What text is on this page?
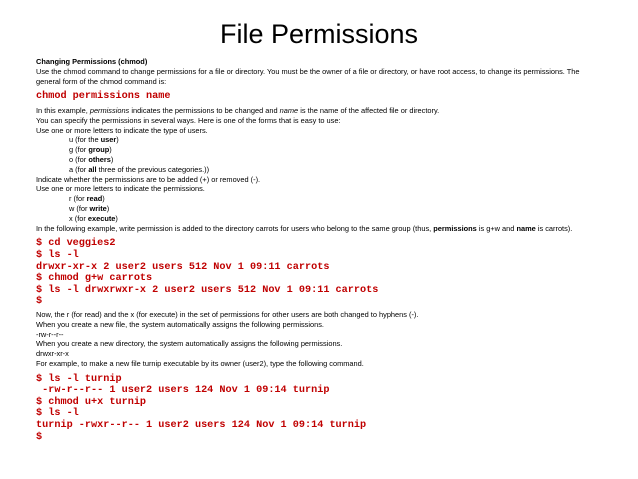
File Permissions
Changing Permissions (chmod)
Use the chmod command to change permissions for a file or directory. You must be the owner of a file or directory, or have root access, to change its permissions. The general form of the chmod command is:
chmod permissions name
In this example, permissions indicates the permissions to be changed and name is the name of the affected file or directory.
You can specify the permissions in several ways. Here is one of the forms that is easy to use:
Use one or more letters to indicate the type of users.
u (for the user)
g (for group)
o (for others)
a (for all three of the previous categories.))
Indicate whether the permissions are to be added (+) or removed (-).
Use one or more letters to indicate the permissions.
r (for read)
w (for write)
x (for execute)
In the following example, write permission is added to the directory carrots for users who belong to the same group (thus, permissions is g+w and name is carrots).
$ cd veggies2
$ ls -l
drwxr-xr-x 2 user2 users 512 Nov 1 09:11 carrots
$ chmod g+w carrots
$ ls -l drwxrwxr-x 2 user2 users 512 Nov 1 09:11 carrots
$
Now, the r (for read) and the x (for execute) in the set of permissions for other users are both changed to hyphens (-).
When you create a new file, the system automatically assigns the following permissions.
-rw-r--r--
When you create a new directory, the system automatically assigns the following permissions.
drwxr-xr-x
For example, to make a new file turnip executable by its owner (user2), type the following command.
$ ls -l turnip
-rw-r--r-- 1 user2 users 124 Nov 1 09:14 turnip
$ chmod u+x turnip
$ ls -l
turnip -rwxr--r-- 1 user2 users 124 Nov 1 09:14 turnip
$
